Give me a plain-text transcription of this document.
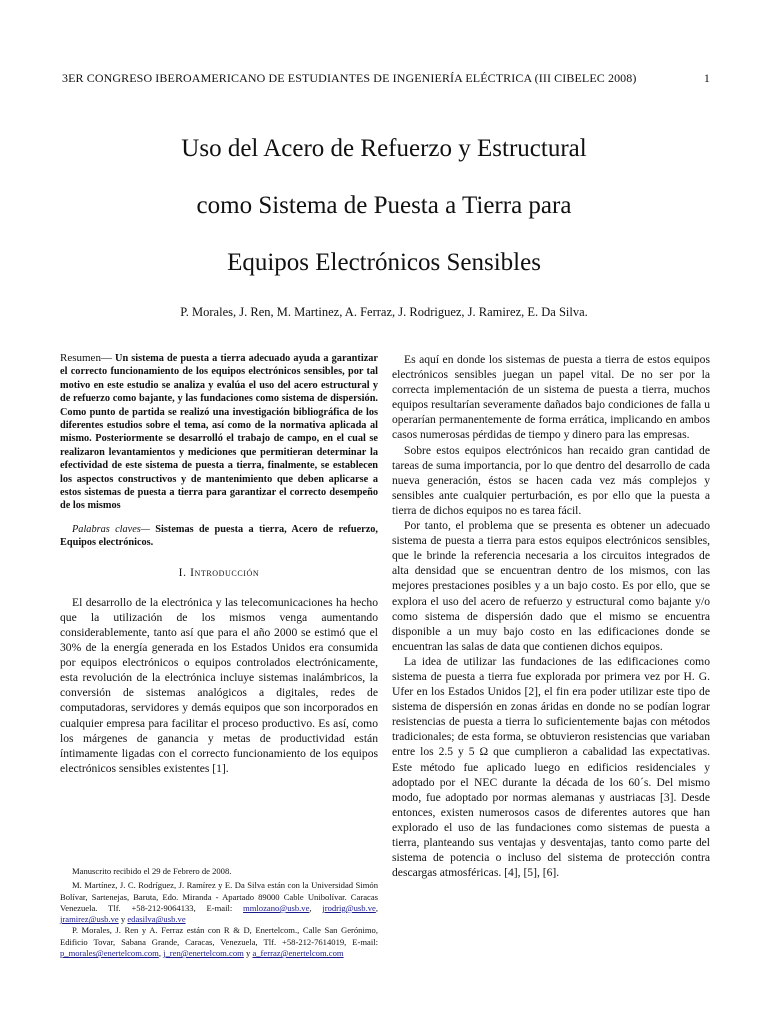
3ER CONGRESO IBEROAMERICANO DE ESTUDIANTES DE INGENIERÍA ELÉCTRICA (III CIBELEC 2008)	1
Uso del Acero de Refuerzo y Estructural
como Sistema de Puesta a Tierra para
Equipos Electrónicos Sensibles
P. Morales, J. Ren, M. Martinez, A. Ferraz, J. Rodriguez, J. Ramirez, E. Da Silva.

Resumen— Un sistema de puesta a tierra adecuado ayuda a garantizar el correcto funcionamiento de los equipos electrónicos sensibles, por tal motivo en este estudio se analiza y evalúa el uso del acero estructural y de refuerzo como bajante, y las fundaciones como sistema de dispersión. Como punto de partida se realizó una investigación bibliográfica de los diferentes estudios sobre el tema, así como de la normativa aplicada al mismo. Posteriormente se desarrolló el trabajo de campo, en el cual se realizaron levantamientos y mediciones que permitieran determinar la efectividad de este sistema de puesta a tierra, finalmente, se establecen los aspectos constructivos y de mantenimiento que deben aplicarse a estos sistemas de puesta a tierra para garantizar el correcto desempeño de los mismos

Palabras claves— Sistemas de puesta a tierra, Acero de refuerzo, Equipos electrónicos.

I. Introducción

El desarrollo de la electrónica y las telecomunicaciones ha hecho que la utilización de los mismos venga aumentando considerablemente, tanto así que para el año 2000 se estimó que el 30% de la energía generada en los Estados Unidos era consumida por equipos electrónicos o equipos controlados electrónicamente, esta revolución de la electrónica incluye sistemas inalámbricos, la conversión de sistemas analógicos a digitales, redes de computadoras, servidores y demás equipos que son incorporados en cualquier empresa para facilitar el proceso productivo. Es así, como los márgenes de ganancia y metas de productividad están íntimamente ligadas con el correcto funcionamiento de los equipos electrónicos sensibles existentes [1].

Manuscrito recibido el 29 de Febrero de 2008.

M. Martínez, J. C. Rodríguez, J. Ramírez y E. Da Silva están con la Universidad Simón Bolívar, Sartenejas, Baruta, Edo. Miranda - Apartado 89000 Cable Unibolívar. Caracas Venezuela. Tlf. +58-212-9064133, E-mail: mmlozano@usb.ve, jrodrig@usb.ve, jramirez@usb.ve y edasilva@usb.ve

P. Morales, J. Ren y A. Ferraz están con R & D, Enertelcom., Calle San Gerónimo, Edificio Tovar, Sabana Grande, Caracas, Venezuela, Tlf. +58-212-7614019, E-mail: p_morales@enertelcom.com, j_ren@enertelcom.com y a_ferraz@enertelcom.com

Es aquí en donde los sistemas de puesta a tierra de estos equipos electrónicos sensibles juegan un papel vital. De no ser por la correcta implementación de un sistema de puesta a tierra, muchos equipos resultarían severamente dañados bajo condiciones de falla u operarían permanentemente de forma errática, implicando en ambos casos numerosas pérdidas de tiempo y dinero para las empresas.

Sobre estos equipos electrónicos han recaido gran cantidad de tareas de suma importancia, por lo que dentro del desarrollo de cada nueva generación, éstos se hacen cada vez más complejos y sensibles ante cualquier perturbación, es por ello que la puesta a tierra de dichos equipos no es tarea fácil.

Por tanto, el problema que se presenta es obtener un adecuado sistema de puesta a tierra para estos equipos electrónicos sensibles, que le brinde la referencia necesaria a los circuitos integrados de alta densidad que se encuentran dentro de los mismos, con las mejores prestaciones posibles y a un bajo costo. Es por ello, que se explora el uso del acero de refuerzo y estructural como bajante y/o como sistema de dispersión dado que el mismo se encuentra disponible a un muy bajo costo en las edificaciones donde se encuentran las salas de data que contienen dichos equipos.

La idea de utilizar las fundaciones de las edificaciones como sistema de puesta a tierra fue explorada por primera vez por H. G. Ufer en los Estados Unidos [2], el fin era poder utilizar este tipo de sistema de dispersión en zonas áridas en donde no se podían lograr resistencias de puesta a tierra lo suficientemente bajas con métodos tradicionales; de esta forma, se obtuvieron resistencias que variaban entre los 2.5 y 5 Ω que cumplieron a cabalidad las expectativas. Este método fue aplicado luego en edificios residenciales y adoptado por el NEC durante la década de los 60´s. Del mismo modo, fue adoptado por normas alemanas y austriacas [3]. Desde entonces, existen numerosos casos de diferentes autores que han explorado el uso de las fundaciones como sistemas de puesta a tierra, planteando sus ventajas y desventajas, tanto como parte del sistema de potencia o incluso del sistema de protección contra descargas atmosféricas. [4], [5], [6].
